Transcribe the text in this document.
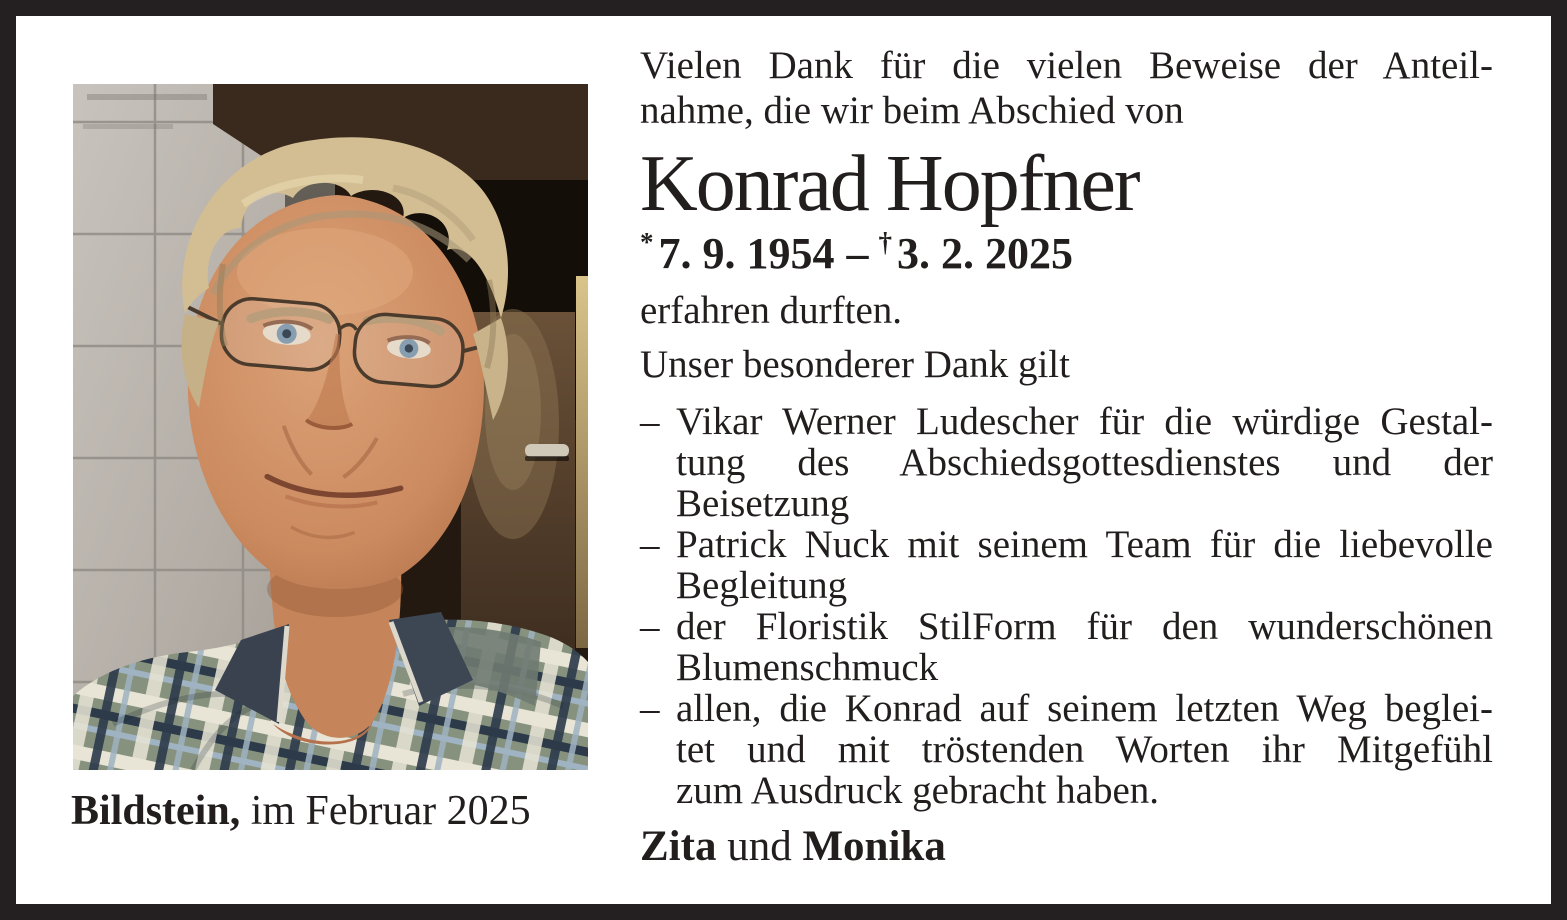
Bildstein, im Februar 2025
Vielen Dank für die vielen Beweise der Anteil-
nahme, die wir beim Abschied von
Konrad Hopfner
* 7. 9. 1954 – † 3. 2. 2025
erfahren durften.
Unser besonderer Dank gilt
– Vikar Werner Ludescher für die würdige Gestal-
tung des Abschiedsgottesdienstes und der
Beisetzung
– Patrick Nuck mit seinem Team für die liebevolle
Begleitung
– der Floristik StilForm für den wunderschönen
Blumenschmuck
– allen, die Konrad auf seinem letzten Weg beglei-
tet und mit tröstenden Worten ihr Mitgefühl
zum Ausdruck gebracht haben.
Zita und Monika
